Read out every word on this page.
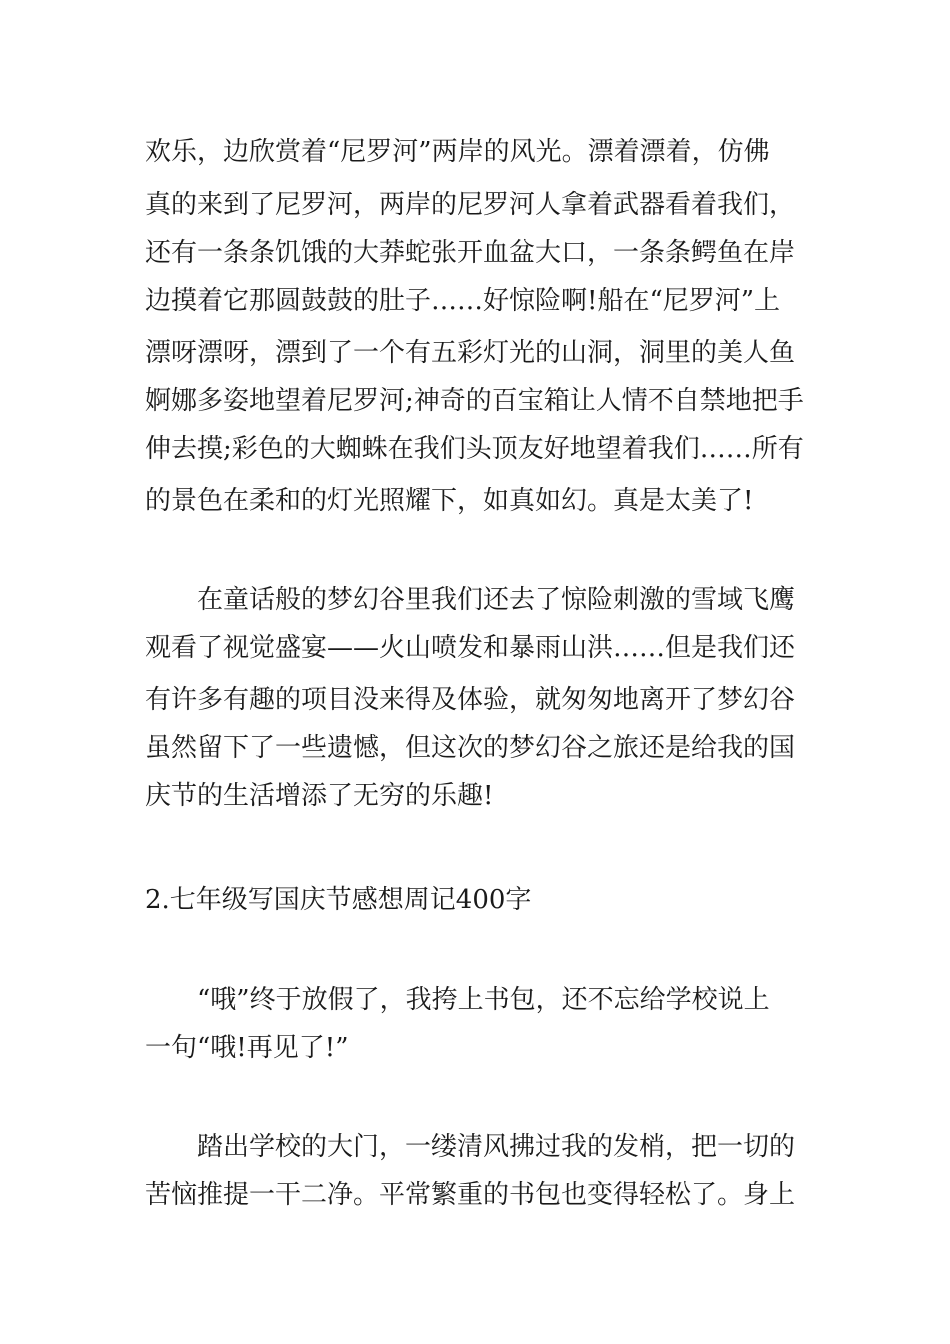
欢乐，边欣赏着“尼罗河”两岸的风光。漂着漂着，仿佛
真的来到了尼罗河，两岸的尼罗河人拿着武器看着我们，
还有一条条饥饿的大莽蛇张开血盆大口，一条条鳄鱼在岸
边摸着它那圆鼓鼓的肚子……好惊险啊!船在“尼罗河”上
漂呀漂呀，漂到了一个有五彩灯光的山洞，洞里的美人鱼
婀娜多姿地望着尼罗河;神奇的百宝箱让人情不自禁地把手
伸去摸;彩色的大蜘蛛在我们头顶友好地望着我们……所有
的景色在柔和的灯光照耀下，如真如幻。真是太美了!
在童话般的梦幻谷里我们还去了惊险刺激的雪域飞鹰
观看了视觉盛宴——火山喷发和暴雨山洪……但是我们还
有许多有趣的项目没来得及体验，就匆匆地离开了梦幻谷
虽然留下了一些遗憾，但这次的梦幻谷之旅还是给我的国
庆节的生活增添了无穷的乐趣!
2.七年级写国庆节感想周记400字
“哦”终于放假了，我挎上书包，还不忘给学校说上
一句“哦!再见了!”
踏出学校的大门，一缕清风拂过我的发梢，把一切的
苦恼推提一干二净。平常繁重的书包也变得轻松了。身上
